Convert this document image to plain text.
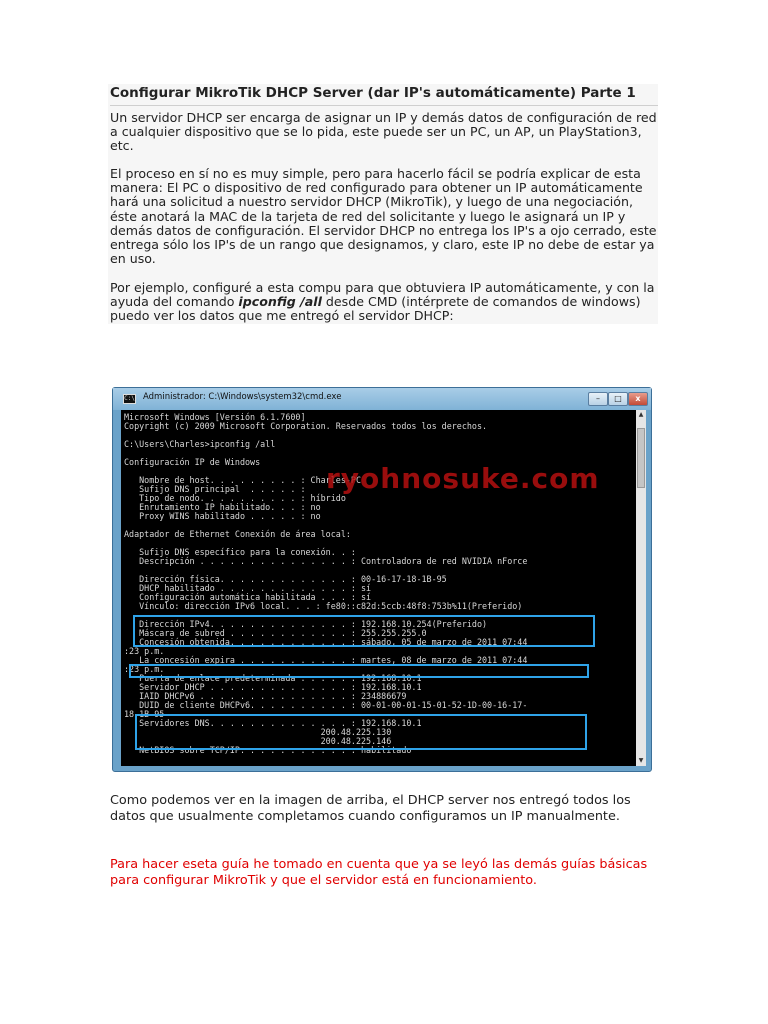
Configurar MikroTik DHCP Server (dar IP's automáticamente) Parte 1
Un servidor DHCP ser encarga de asignar un IP y demás datos de configuración de red a cualquier dispositivo que se lo pida, este puede ser un PC, un AP, un PlayStation3, etc.
El proceso en sí no es muy simple, pero para hacerlo fácil se podría explicar de esta manera: El PC o dispositivo de red configurado para obtener un IP automáticamente hará una solicitud a nuestro servidor DHCP (MikroTik), y luego de una negociación, éste anotará la MAC de la tarjeta de red del solicitante y luego le asignará un IP y demás datos de configuración. El servidor DHCP no entrega los IP's a ojo cerrado, este entrega sólo los IP's de un rango que designamos, y claro, este IP no debe de estar ya en uso.
Por ejemplo, configuré a esta compu para que obtuviera IP automáticamente, y con la ayuda del comando ipconfig /all desde CMD (intérprete de comandos de windows) puedo ver los datos que me entregó el servidor DHCP:
C:\ Administrador: C:\Windows\system32\cmd.exe	–	□	x
NetBIOS sobre TCP/IP. . . . . . . . . . . : habilitado
200.48.225.146
200.48.225.130
Servidores DNS. . . . . . . . . . . . . . : 192.168.10.1
18-1B-95
DUID de cliente DHCPv6. . . . . . . . . . : 00-01-00-01-15-01-52-1D-00-16-17-
IAID DHCPv6 . . . . . . . . . . . . . . . : 234886679
Servidor DHCP . . . . . . . . . . . . . . : 192.168.10.1
Puerta de enlace predeterminada . . . . . : 192.168.10.1
:23 p.m.
La concesión expira . . . . . . . . . . . : martes, 08 de marzo de 2011 07:44
:23 p.m.
Concesión obtenida. . . . . . . . . . . . : sábado, 05 de marzo de 2011 07:44
Máscara de subred . . . . . . . . . . . . : 255.255.255.0
Dirección IPv4. . . . . . . . . . . . . . : 192.168.10.254(Preferido)
Vínculo: dirección IPv6 local. . . : fe80::c82d:5ccb:48f8:753b%11(Preferido)
Configuración automática habilitada . . . : sí
DHCP habilitado . . . . . . . . . . . . . : sí
Dirección física. . . . . . . . . . . . . : 00-16-17-18-1B-95
Descripción . . . . . . . . . . . . . . . : Controladora de red NVIDIA nForce
Sufijo DNS específico para la conexión. . :
Adaptador de Ethernet Conexión de área local:
Proxy WINS habilitado . . . . . : no
Enrutamiento IP habilitado. . . : no
Tipo de nodo. . . . . . . . . . : híbrido
Sufijo DNS principal  . . . . . :
Nombre de host. . . . . . . . . : Charles-PC
Configuración IP de Windows
C:\Users\Charles>ipconfig /all
Copyright (c) 2009 Microsoft Corporation. Reservados todos los derechos.
Microsoft Windows [Versión 6.1.7600]
ryohnosuke.com
▲
▼
Como podemos ver en la imagen de arriba, el DHCP server nos entregó todos los datos que usualmente completamos cuando configuramos un IP manualmente.
Para hacer eseta guía he tomado en cuenta que ya se leyó las demás guías básicas para configurar MikroTik y que el servidor está en funcionamiento.
